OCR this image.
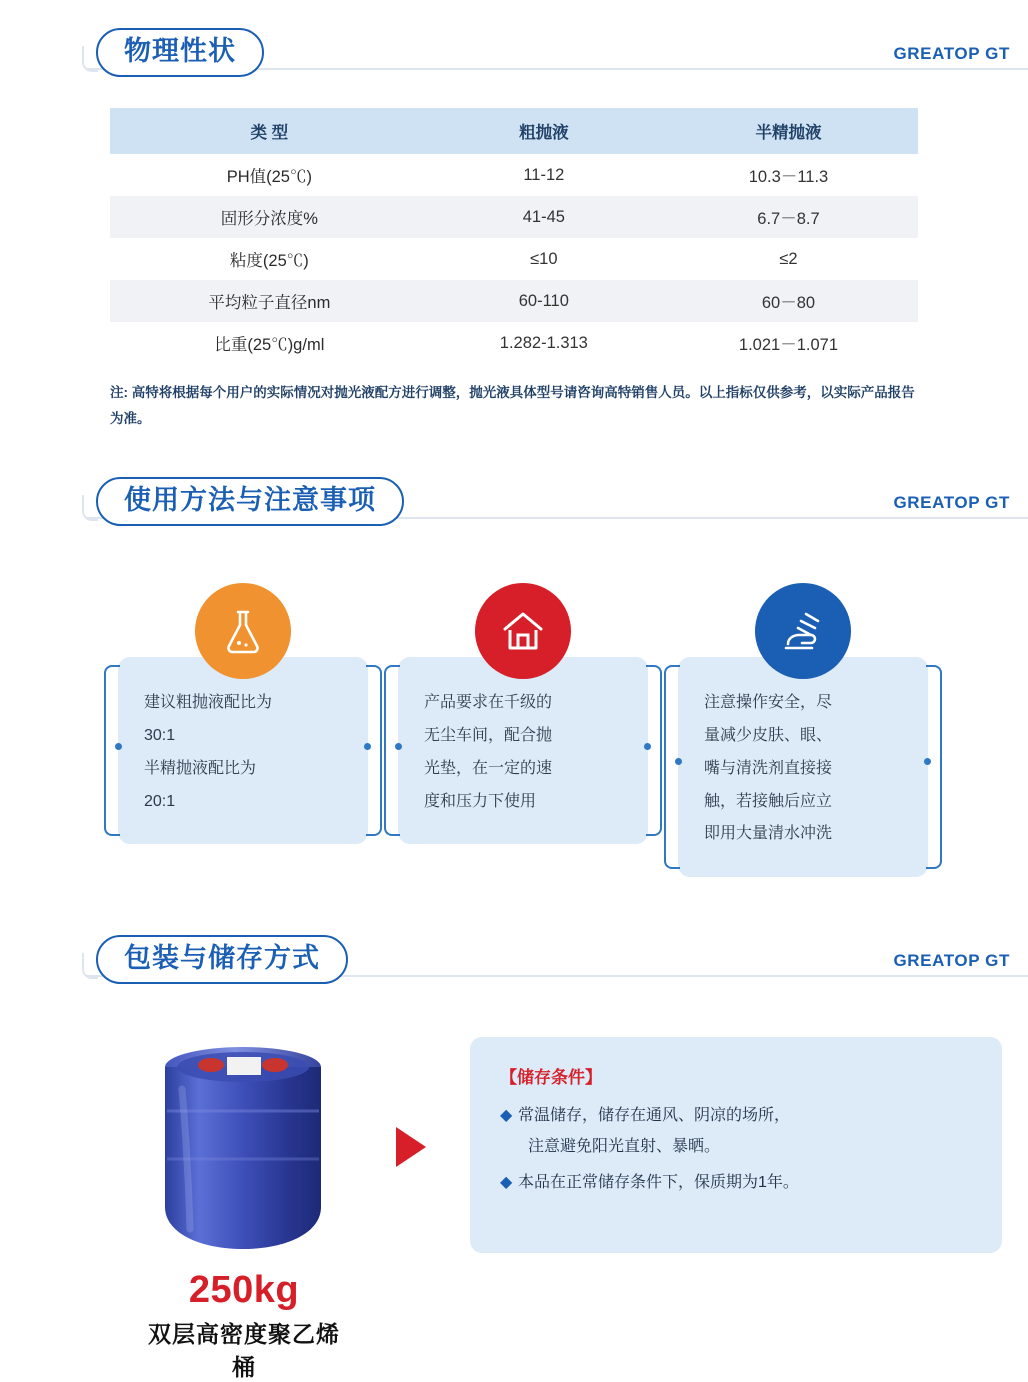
物理性状	GREATOP GT
类 型	粗抛液	半精抛液
PH值(25℃)	11-12	10.3－11.3
固形分浓度%	41-45	6.7－8.7
粘度(25℃)	≤10	≤2
平均粒子直径nm	60-110	60－80
比重(25℃)g/ml	1.282-1.313	1.021－1.071
注: 高特将根据每个用户的实际情况对抛光液配方进行调整，抛光液具体型号请咨询高特销售人员。以上指标仅供参考，以实际产品报告为准。
使用方法与注意事项	GREATOP GT
建议粗抛液配比为
30:1
半精抛液配比为
20:1
产品要求在千级的
无尘车间，配合抛
光垫，在一定的速
度和压力下使用
注意操作安全，尽
量减少皮肤、眼、
嘴与清洗剂直接接
触，若接触后应立
即用大量清水冲洗
包装与储存方式	GREATOP GT
250kg
双层高密度聚乙烯桶
【储存条件】
◆ 常温储存，储存在通风、阴凉的场所，
注意避免阳光直射、暴晒。
◆ 本品在正常储存条件下，保质期为1年。
